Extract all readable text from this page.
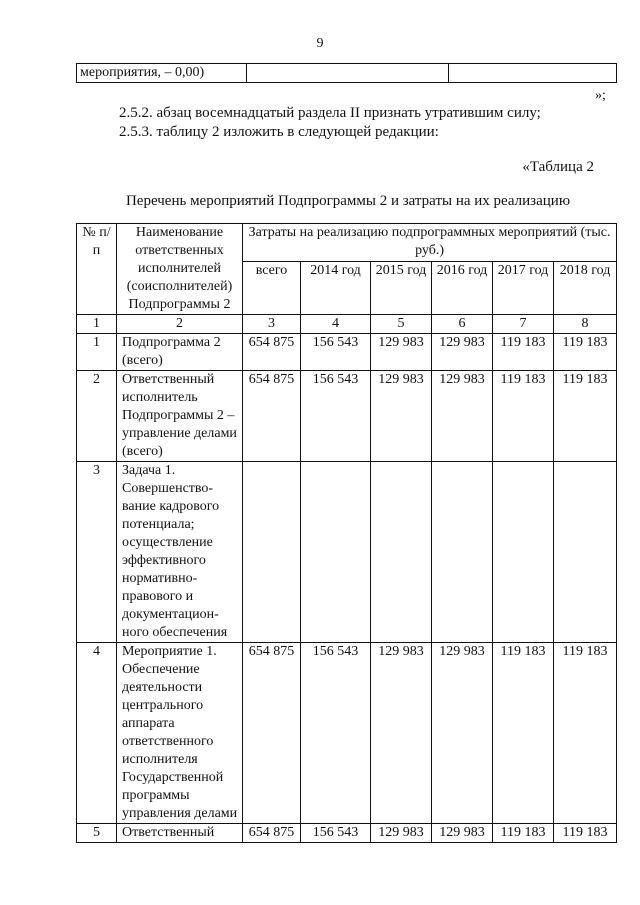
9
мероприятия, – 0,00)		
»;
2.5.2. абзац восемнадцатый раздела II признать утратившим силу;
2.5.3. таблицу 2 изложить в следующей редакции:
«Таблица 2
Перечень мероприятий Подпрограммы 2 и затраты на их реализацию
№ п/п	Наименование ответственных исполнителей (соисполнителей) Подпрограммы 2	Затраты на реализацию подпрограммных мероприятий (тыс. руб.)					
		всего	2014 год	2015 год	2016 год	2017 год	2018 год
1	2	3	4	5	6	7	8
1	Подпрограмма 2 (всего)	654 875	156 543	129 983	129 983	119 183	119 183
2	Ответственный исполнитель Подпрограммы 2 – управление делами (всего)	654 875	156 543	129 983	129 983	119 183	119 183
3	Задача 1. Совершенство-вание кадрового потенциала; осуществление эффективного нормативно-правового и документацион-ного обеспечения						
4	Мероприятие 1. Обеспечение деятельности центрального аппарата ответственного исполнителя Государственной программы управления делами	654 875	156 543	129 983	129 983	119 183	119 183
5	Ответственный	654 875	156 543	129 983	129 983	119 183	119 183
